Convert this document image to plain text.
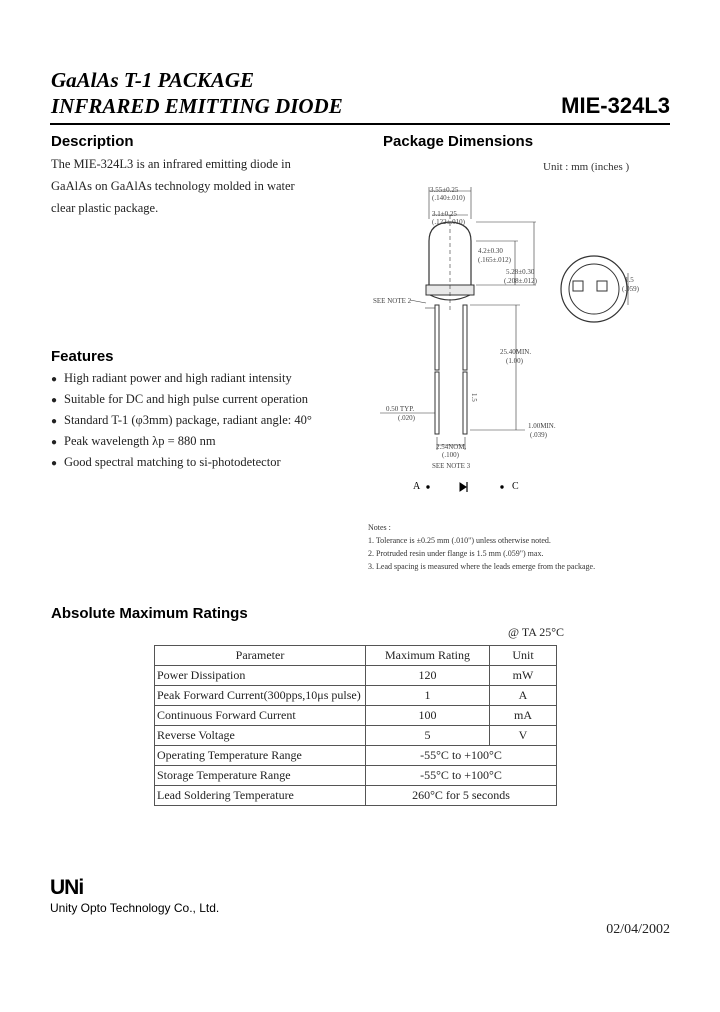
GaAlAs T-1 PACKAGE
INFRARED EMITTING DIODE	MIE-324L3
Description
The MIE-324L3 is an infrared emitting diode in
GaAlAs on GaAlAs technology molded in water
clear plastic package.
Features
● High radiant power and high radiant intensity
● Suitable for DC and high pulse current operation
● Standard T-1 (φ3mm) package, radiant angle: 40°
● Peak wavelength λp = 880 nm
● Good spectral matching to si-photodetector
Package Dimensions
Unit : mm (inches )
3.55±0.25
(.140±.010)
3.1±0.25
(.122±.010)
4.2±0.30
(.165±.012)
5.28±0.30
(.208±.012)
SEE NOTE 2
25.40MIN.
(1.00)
1.5
0.50 TYP.
(.020)
1.00MIN.
(.039)
2.54NOM.
(.100)
SEE NOTE 3
1.5
(.059)
A	C
Notes :
1. Tolerance is ±0.25 mm (.010") unless otherwise noted.
2. Protruded resin under flange is 1.5 mm (.059") max.
3. Lead spacing is measured where the leads emerge from the package.
Absolute Maximum Ratings
@ TA 25°C
Parameter	Maximum Rating	Unit
Power Dissipation	120	mW
Peak Forward Current(300pps,10μs pulse)	1	A
Continuous Forward Current	100	mA
Reverse Voltage	5	V
Operating Temperature Range	-55°C to +100°C	
Storage Temperature Range	-55°C to +100°C	
Lead Soldering Temperature	260°C for 5 seconds	
UNi
Unity Opto Technology Co., Ltd.
02/04/2002
